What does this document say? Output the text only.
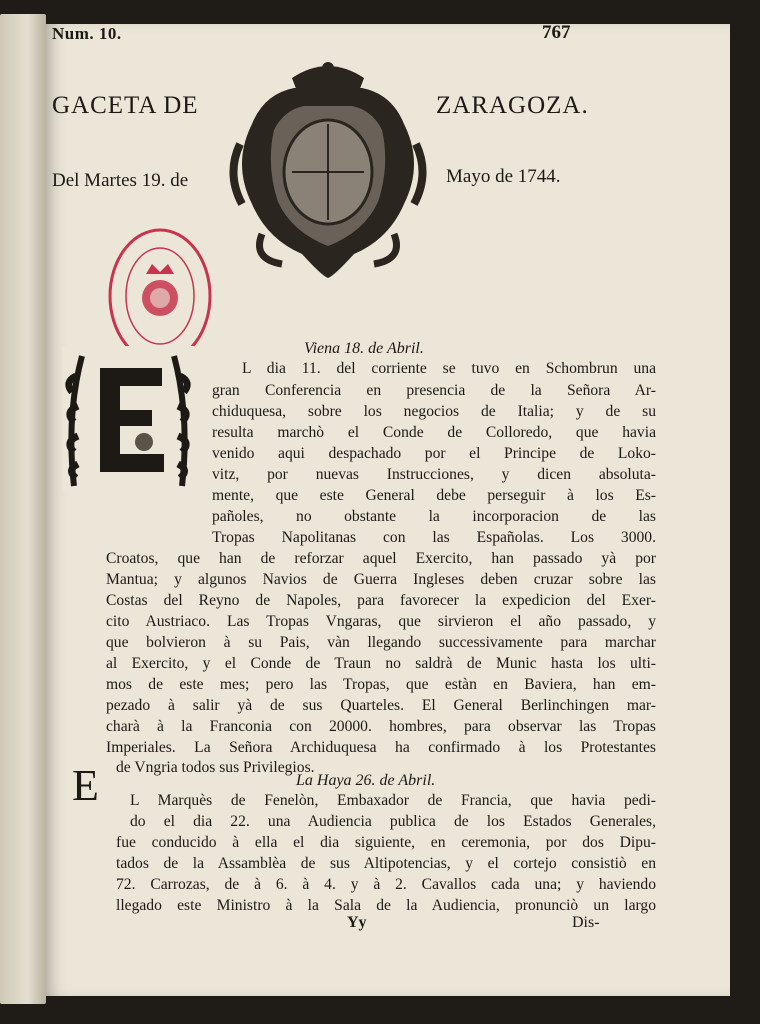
Num. 10.	767
GACETA DE	ZARAGOZA.
Del Martes 19. de	Mayo de 1744.
Viena 18. de Abril.
L dia 11. del corriente se tuvo en Schombrun una
gran Conferencia en presencia de la Señora Ar-
chiduquesa, sobre los negocios de Italia; y de su
resulta marchò el Conde de Colloredo, que havia
venido aqui despachado por el Principe de Loko-
vitz, por nuevas Instrucciones, y dicen absoluta-
mente, que este General debe perseguir à los Es-
pañoles, no obstante la incorporacion de las
Tropas Napolitanas con las Españolas. Los 3000.
Croatos, que han de reforzar aquel Exercito, han passado yà por
Mantua; y algunos Navios de Guerra Ingleses deben cruzar sobre las
Costas del Reyno de Napoles, para favorecer la expedicion del Exer-
cito Austriaco. Las Tropas Vngaras, que sirvieron el año passado, y
que bolvieron à su Pais, vàn llegando successivamente para marchar
al Exercito, y el Conde de Traun no saldrà de Munic hasta los ulti-
mos de este mes; pero las Tropas, que estàn en Baviera, han em-
pezado à salir yà de sus Quarteles. El General Berlinchingen mar-
charà à la Franconia con 20000. hombres, para observar las Tropas
Imperiales. La Señora Archiduquesa ha confirmado à los Protestantes
de Vngria todos sus Privilegios.
La Haya 26. de Abril.
E L Marquès de Fenelòn, Embaxador de Francia, que havia pedi-
do el dia 22. una Audiencia publica de los Estados Generales,
fue conducido à ella el dia siguiente, en ceremonia, por dos Dipu-
tados de la Assamblèa de sus Altipotencias, y el cortejo consistiò en
72. Carrozas, de à 6. à 4. y à 2. Cavallos cada una; y haviendo
llegado este Ministro à la Sala de la Audiencia, pronunciò un largo
Yy	Dis-
